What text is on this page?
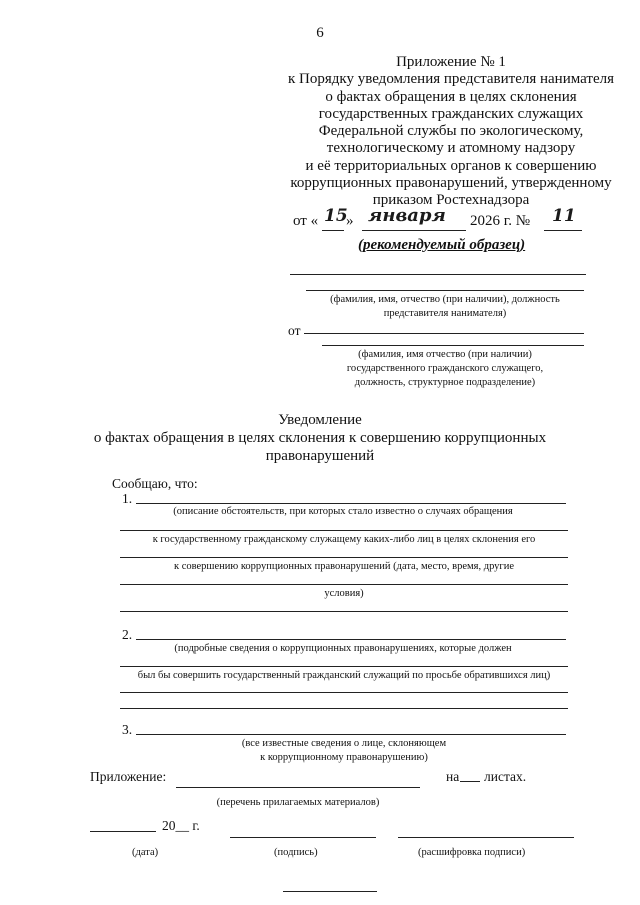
6
Приложение № 1
к Порядку уведомления представителя нанимателя
о фактах обращения в целях склонения
государственных гражданских служащих
Федеральной службы по экологическому,
технологическому и атомному надзору
и её территориальных органов к совершению
коррупционных правонарушений, утвержденному
приказом Ростехнадзора
от « 15
» января 2026 г. № 11
(рекомендуемый образец)
(фамилия, имя, отчество (при наличии), должность
представителя нанимателя)
от
(фамилия, имя отчество (при наличии)
государственного гражданского служащего,
должность, структурное подразделение)
Уведомление
о фактах обращения в целях склонения к совершению коррупционных
правонарушений
Сообщаю, что:
1.
(описание обстоятельств, при которых стало известно о случаях обращения
к государственному гражданскому служащему каких-либо лиц в целях склонения его
к совершению коррупционных правонарушений (дата, место, время, другие
условия)
2.
(подробные сведения о коррупционных правонарушениях, которые должен
был бы совершить государственный гражданский служащий по просьбе обратившихся лиц)
3.
(все известные сведения о лице, склоняющем
к коррупционному правонарушению)
Приложение:	на листах.
(перечень прилагаемых материалов)
20__ г.
(дата)	(подпись)	(расшифровка подписи)
